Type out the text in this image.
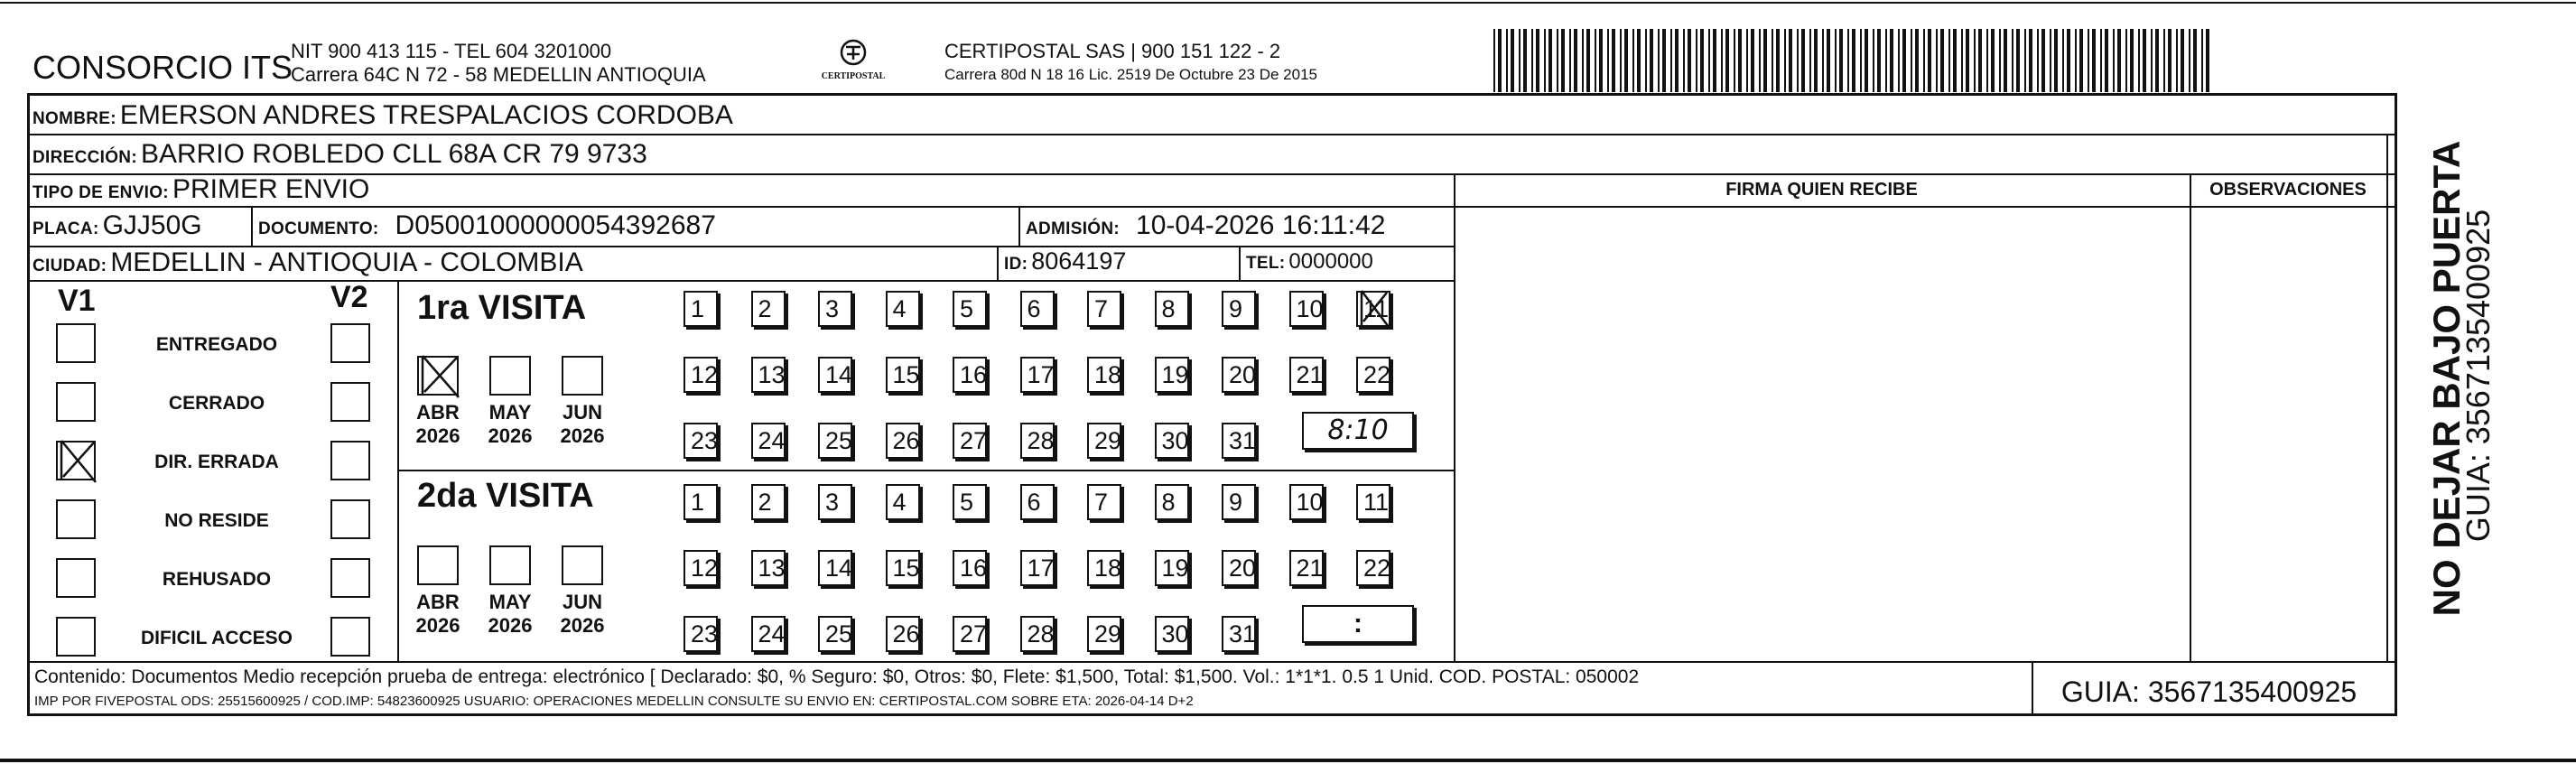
CONSORCIO ITS
NIT 900 413 115 - TEL 604 3201000
Carrera 64C N 72 - 58 MEDELLIN ANTIOQUIA	CERTIPOSTAL
CERTIPOSTAL SAS | 900 151 122 - 2
Carrera 80d N 18 16 Lic. 2519 De Octubre 23 De 2015
NOMBRE: EMERSON ANDRES TRESPALACIOS CORDOBA
DIRECCIÓN: BARRIO ROBLEDO CLL 68A CR 79 9733
TIPO DE ENVIO: PRIMER ENVIO
PLACA: GJJ50G	DOCUMENTO: D05001000000054392687	ADMISIÓN: 10-04-2026 16:11:42
CIUDAD: MEDELLIN - ANTIOQUIA - COLOMBIA	ID: 8064197	TEL: 0000000
FIRMA QUIEN RECIBE	OBSERVACIONES
V1	V2
ENTREGADO
CERRADO
DIR. ERRADA
NO RESIDE
REHUSADO
DIFICIL ACCESO
1ra VISITA
2da VISITA
ABR
2026
MAY
2026
JUN
2026
ABR
2026
MAY
2026
JUN
2026
1	2	3	4	5	6	7	8	9	10 11
12 13 14 15 16 17 18 19 20 21 22
23 24 25 26 27 28 29 30 31
1	2	3	4	5	6	7	8	9	10 11
12 13 14 15 16 17 18 19 20 21 22
23 24 25 26 27 28 29 30 31
8:10
:
Contenido: Documentos Medio recepción prueba de entrega: electrónico [ Declarado: $0, % Seguro: $0, Otros: $0, Flete: $1,500, Total: $1,500. Vol.: 1*1*1. 0.5 1 Unid. COD. POSTAL: 050002
IMP POR FIVEPOSTAL ODS: 25515600925 / COD.IMP: 54823600925 USUARIO: OPERACIONES MEDELLIN CONSULTE SU ENVIO EN: CERTIPOSTAL.COM SOBRE ETA: 2026-04-14 D+2	GUIA: 3567135400925
NO DEJAR BAJO PUERTA
GUIA: 3567135400925
